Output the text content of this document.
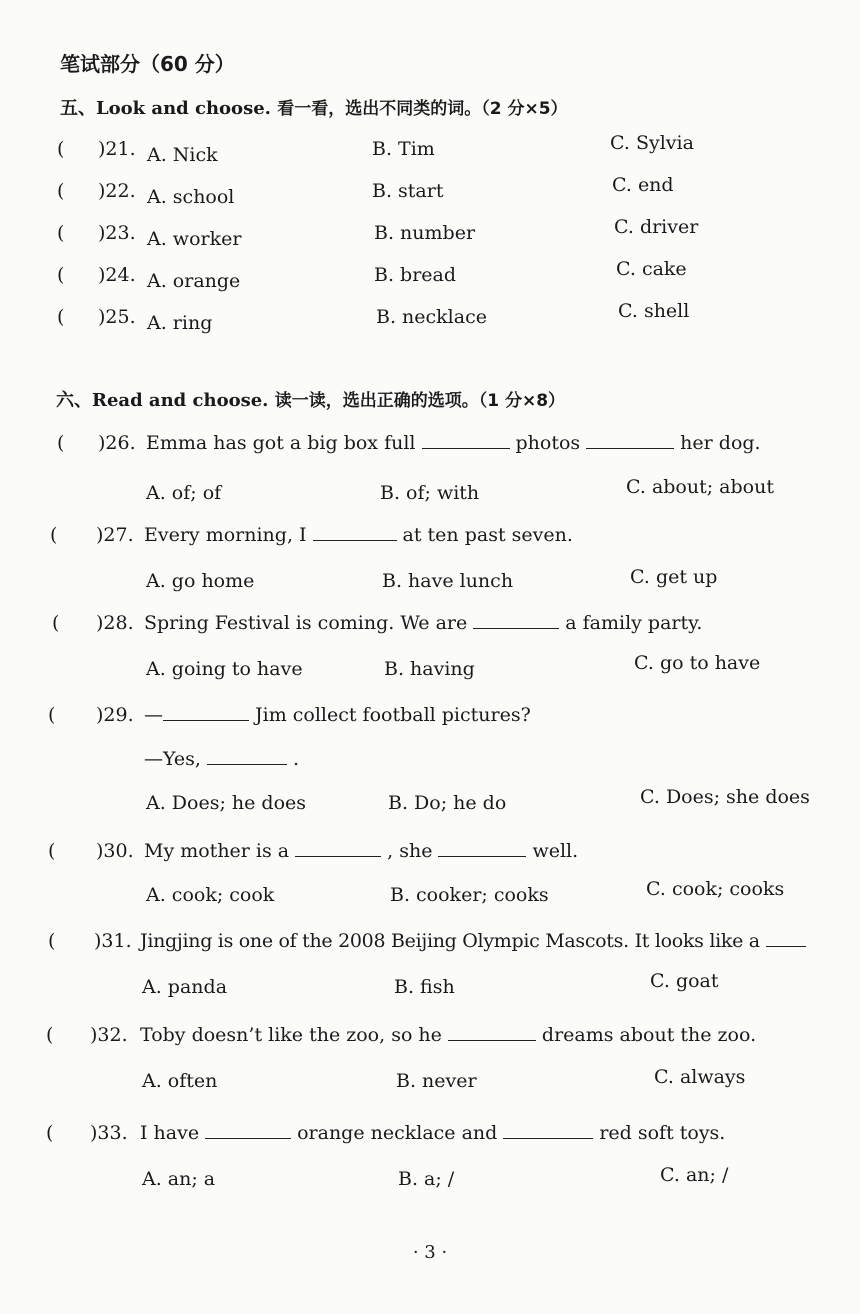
笔试部分（60 分）
五、Look and choose. 看一看，选出不同类的词。（2 分×5）
( )21. A. Nick	B. Tim	C. Sylvia
( )22. A. school	B. start	C. end
( )23. A. worker	B. number	C. driver
( )24. A. orange	B. bread	C. cake
( )25. A. ring	B. necklace	C. shell
六、Read and choose. 读一读，选出正确的选项。（1 分×8）
( )26. Emma has got a big box full	photos	her dog.
A. of; of	B. of; with	C. about; about
( )27. Every morning, I	at ten past seven.
A. go home	B. have lunch	C. get up
( )28. Spring Festival is coming. We are	a family party.
A. going to have	B. having	C. go to have
( )29. —	Jim collect football pictures?
—Yes,	.
A. Does; he does	B. Do; he do	C. Does; she does
( )30. My mother is a	, she	well.
A. cook; cook	B. cooker; cooks	C. cook; cooks
( )31. Jingjing is one of the 2008 Beijing Olympic Mascots. It looks like a
A. panda	B. fish	C. goat
( )32. Toby doesn’t like the zoo, so he	dreams about the zoo.
A. often	B. never	C. always
( )33. I have	orange necklace and	red soft toys.
A. an; a	B. a; /	C. an; /
· 3 ·
